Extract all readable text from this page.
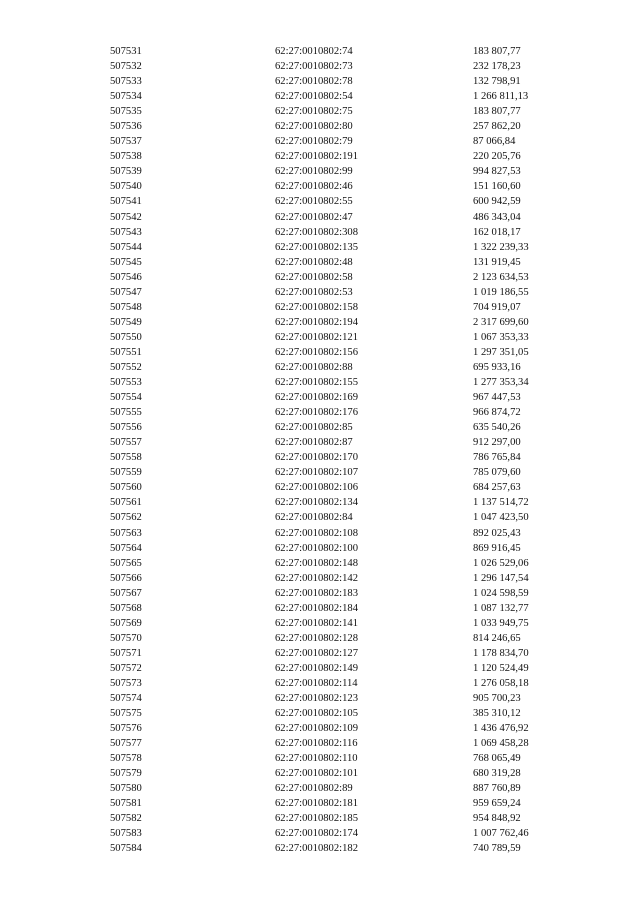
507531	62:27:0010802:74	183 807,77
507532	62:27:0010802:73	232 178,23
507533	62:27:0010802:78	132 798,91
507534	62:27:0010802:54	1 266 811,13
507535	62:27:0010802:75	183 807,77
507536	62:27:0010802:80	257 862,20
507537	62:27:0010802:79	87 066,84
507538	62:27:0010802:191	220 205,76
507539	62:27:0010802:99	994 827,53
507540	62:27:0010802:46	151 160,60
507541	62:27:0010802:55	600 942,59
507542	62:27:0010802:47	486 343,04
507543	62:27:0010802:308	162 018,17
507544	62:27:0010802:135	1 322 239,33
507545	62:27:0010802:48	131 919,45
507546	62:27:0010802:58	2 123 634,53
507547	62:27:0010802:53	1 019 186,55
507548	62:27:0010802:158	704 919,07
507549	62:27:0010802:194	2 317 699,60
507550	62:27:0010802:121	1 067 353,33
507551	62:27:0010802:156	1 297 351,05
507552	62:27:0010802:88	695 933,16
507553	62:27:0010802:155	1 277 353,34
507554	62:27:0010802:169	967 447,53
507555	62:27:0010802:176	966 874,72
507556	62:27:0010802:85	635 540,26
507557	62:27:0010802:87	912 297,00
507558	62:27:0010802:170	786 765,84
507559	62:27:0010802:107	785 079,60
507560	62:27:0010802:106	684 257,63
507561	62:27:0010802:134	1 137 514,72
507562	62:27:0010802:84	1 047 423,50
507563	62:27:0010802:108	892 025,43
507564	62:27:0010802:100	869 916,45
507565	62:27:0010802:148	1 026 529,06
507566	62:27:0010802:142	1 296 147,54
507567	62:27:0010802:183	1 024 598,59
507568	62:27:0010802:184	1 087 132,77
507569	62:27:0010802:141	1 033 949,75
507570	62:27:0010802:128	814 246,65
507571	62:27:0010802:127	1 178 834,70
507572	62:27:0010802:149	1 120 524,49
507573	62:27:0010802:114	1 276 058,18
507574	62:27:0010802:123	905 700,23
507575	62:27:0010802:105	385 310,12
507576	62:27:0010802:109	1 436 476,92
507577	62:27:0010802:116	1 069 458,28
507578	62:27:0010802:110	768 065,49
507579	62:27:0010802:101	680 319,28
507580	62:27:0010802:89	887 760,89
507581	62:27:0010802:181	959 659,24
507582	62:27:0010802:185	954 848,92
507583	62:27:0010802:174	1 007 762,46
507584	62:27:0010802:182	740 789,59
